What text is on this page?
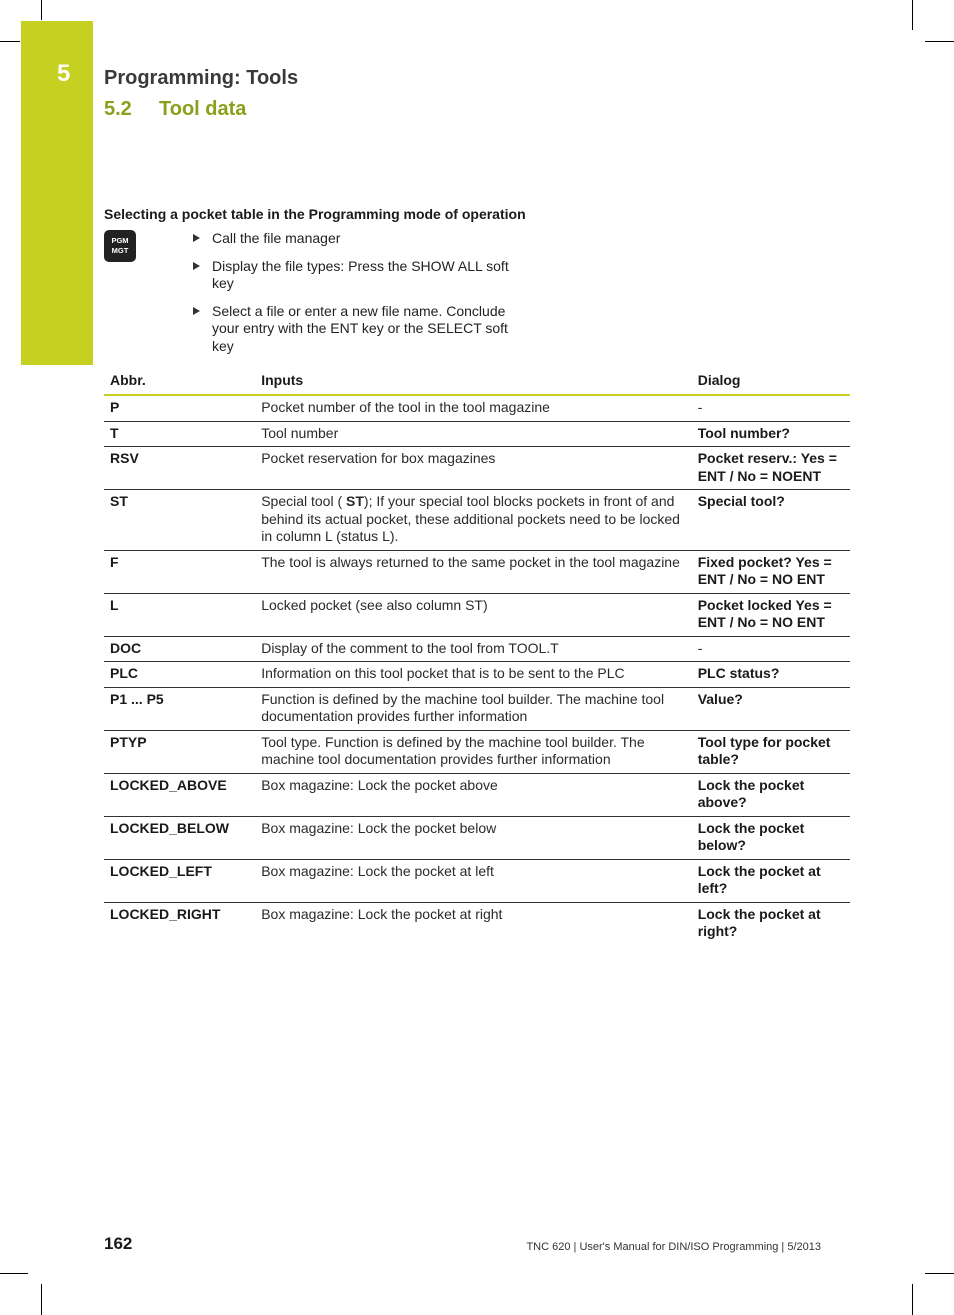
5 Programming: Tools
5.2 Tool data
Selecting a pocket table in the Programming mode of operation
PGM
MGT
Call the file manager
Display the file types: Press the SHOW ALL soft key
Select a file or enter a new file name. Conclude your entry with the ENT key or the SELECT soft key
Abbr.	Inputs	Dialog
P	Pocket number of the tool in the tool magazine	-
T	Tool number	Tool number?
RSV	Pocket reservation for box magazines	Pocket reserv.: Yes = ENT / No = NOENT
ST	Special tool ( ST); If your special tool blocks pockets in front of and behind its actual pocket, these additional pockets need to be locked in column L (status L).	Special tool?
F	The tool is always returned to the same pocket in the tool magazine	Fixed pocket? Yes = ENT / No = NO ENT
L	Locked pocket (see also column ST)	Pocket locked Yes = ENT / No = NO ENT
DOC	Display of the comment to the tool from TOOL.T	-
PLC	Information on this tool pocket that is to be sent to the PLC	PLC status?
P1 ... P5	Function is defined by the machine tool builder. The machine tool documentation provides further information	Value?
PTYP	Tool type. Function is defined by the machine tool builder. The machine tool documentation provides further information	Tool type for pocket table?
LOCKED_ABOVE	Box magazine: Lock the pocket above	Lock the pocket above?
LOCKED_BELOW	Box magazine: Lock the pocket below	Lock the pocket below?
LOCKED_LEFT	Box magazine: Lock the pocket at left	Lock the pocket at left?
LOCKED_RIGHT	Box magazine: Lock the pocket at right	Lock the pocket at right?
162	TNC 620 | User's Manual for DIN/ISO Programming | 5/2013
